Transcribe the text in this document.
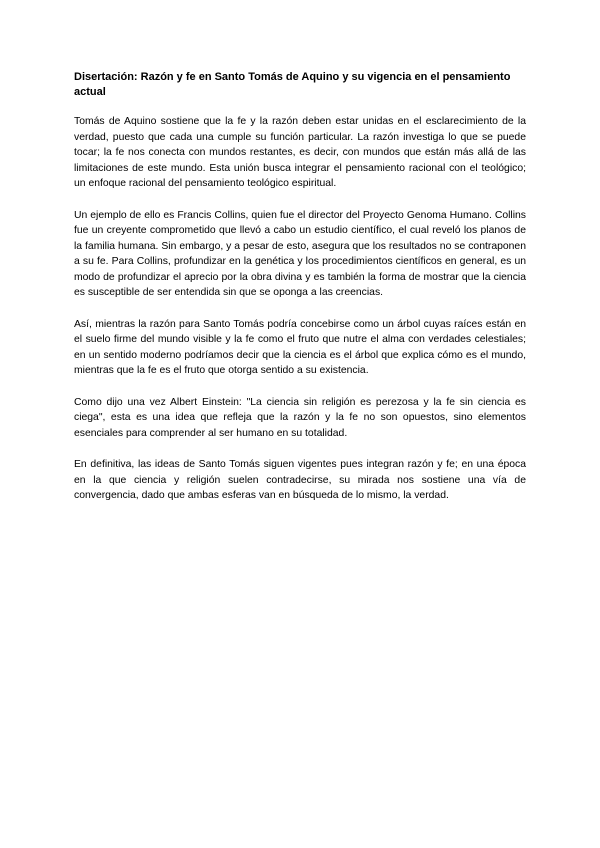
Disertación: Razón y fe en Santo Tomás de Aquino y su vigencia en el pensamiento actual

Tomás de Aquino sostiene que la fe y la razón deben estar unidas en el esclarecimiento de la verdad, puesto que cada una cumple su función particular. La razón investiga lo que se puede tocar; la fe nos conecta con mundos restantes, es decir, con mundos que están más allá de las limitaciones de este mundo. Esta unión busca integrar el pensamiento racional con el teológico; un enfoque racional del pensamiento teológico espiritual.

Un ejemplo de ello es Francis Collins, quien fue el director del Proyecto Genoma Humano. Collins fue un creyente comprometido que llevó a cabo un estudio científico, el cual reveló los planos de la familia humana. Sin embargo, y a pesar de esto, asegura que los resultados no se contraponen a su fe. Para Collins, profundizar en la genética y los procedimientos científicos en general, es un modo de profundizar el aprecio por la obra divina y es también la forma de mostrar que la ciencia es susceptible de ser entendida sin que se oponga a las creencias.

Así, mientras la razón para Santo Tomás podría concebirse como un árbol cuyas raíces están en el suelo firme del mundo visible y la fe como el fruto que nutre el alma con verdades celestiales; en un sentido moderno podríamos decir que la ciencia es el árbol que explica cómo es el mundo, mientras que la fe es el fruto que otorga sentido a su existencia.

Como dijo una vez Albert Einstein: "La ciencia sin religión es perezosa y la fe sin ciencia es ciega", esta es una idea que refleja que la razón y la fe no son opuestos, sino elementos esenciales para comprender al ser humano en su totalidad.

En definitiva, las ideas de Santo Tomás siguen vigentes pues integran razón y fe; en una época en la que ciencia y religión suelen contradecirse, su mirada nos sostiene una vía de convergencia, dado que ambas esferas van en búsqueda de lo mismo, la verdad.
